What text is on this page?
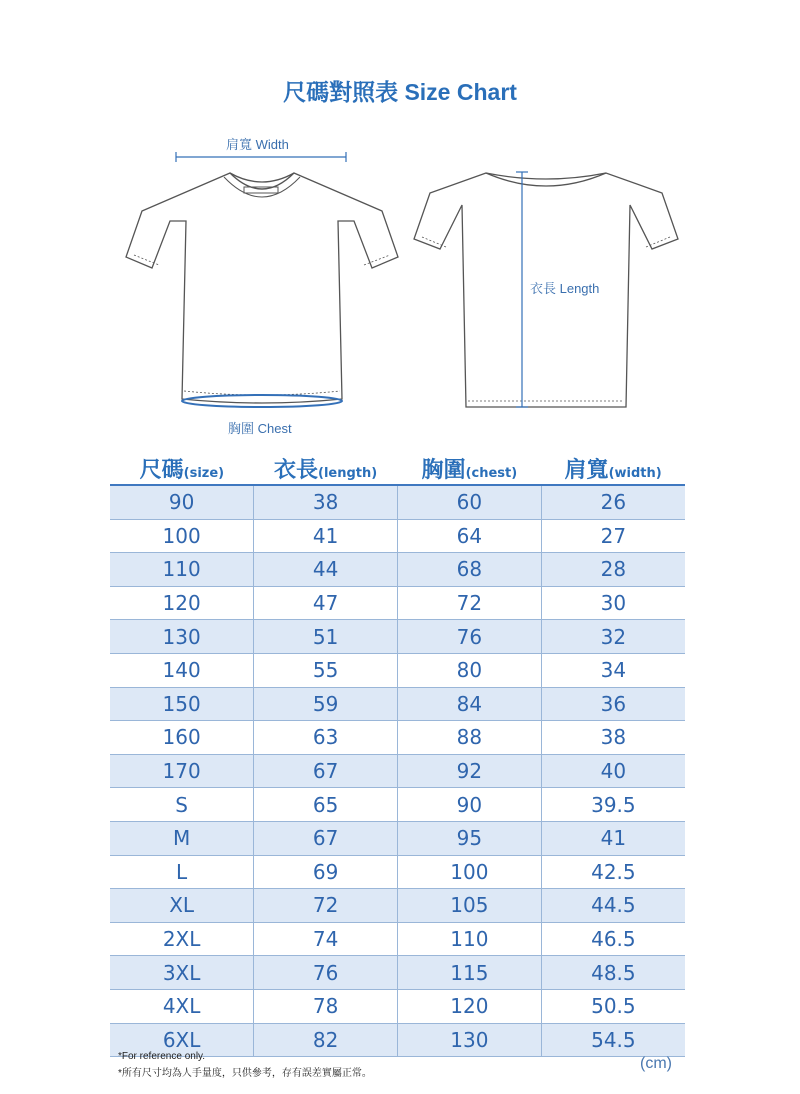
尺碼對照表 Size Chart
肩寬 Width
衣長 Length
胸圍 Chest
尺碼(size)	衣長(length)	胸圍(chest)	肩寬(width)
90	38	60	26
100	41	64	27
110	44	68	28
120	47	72	30
130	51	76	32
140	55	80	34
150	59	84	36
160	63	88	38
170	67	92	40
S	65	90	39.5
M	67	95	41
L	69	100	42.5
XL	72	105	44.5
2XL	74	110	46.5
3XL	76	115	48.5
4XL	78	120	50.5
6XL	82	130	54.5
*For reference only.
*所有尺寸均為人手量度，只供參考，存有誤差實屬正常。
(cm)
